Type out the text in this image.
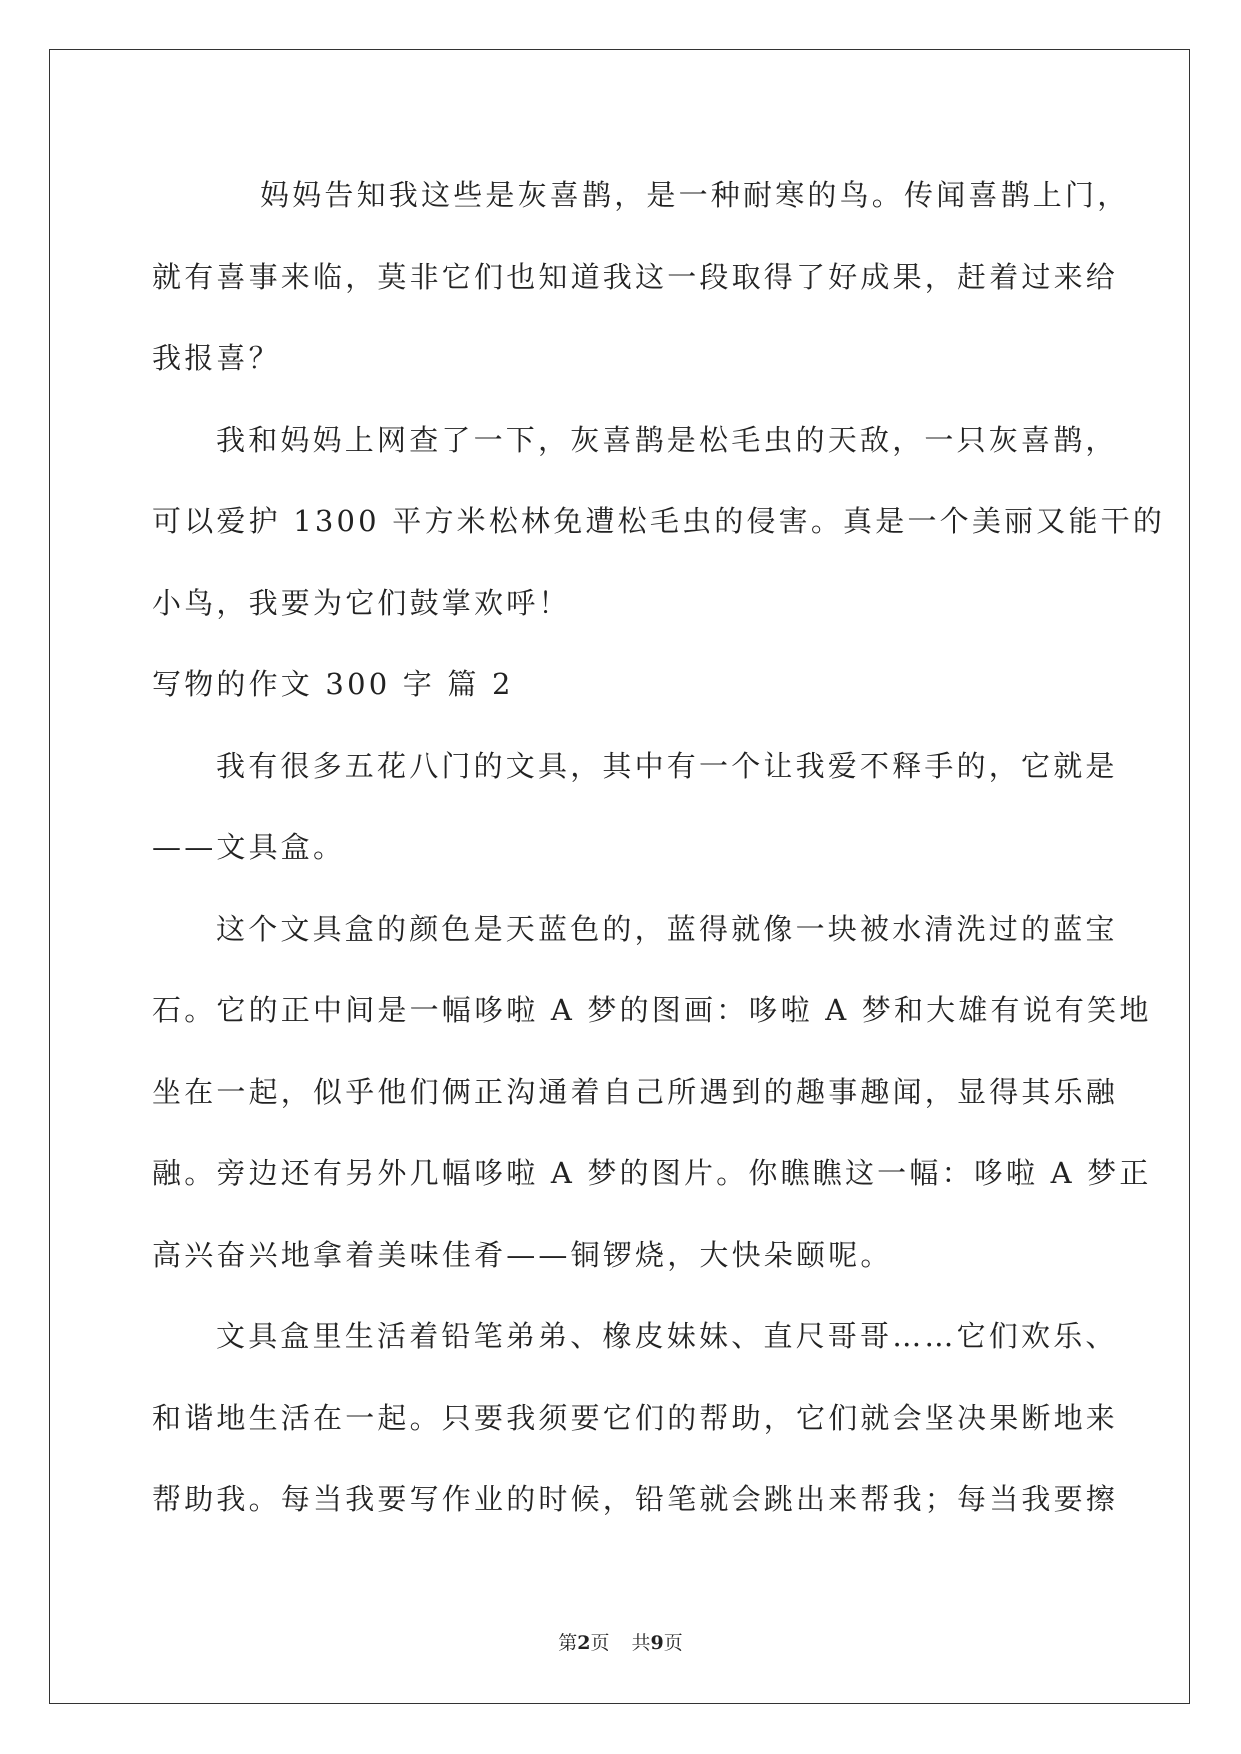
妈妈告知我这些是灰喜鹊，是一种耐寒的鸟。传闻喜鹊上门，

就有喜事来临，莫非它们也知道我这一段取得了好成果，赶着过来给

我报喜？

我和妈妈上网查了一下，灰喜鹊是松毛虫的天敌，一只灰喜鹊，

可以爱护 1300 平方米松林免遭松毛虫的侵害。真是一个美丽又能干的

小鸟，我要为它们鼓掌欢呼！

写物的作文 300 字 篇 2

我有很多五花八门的文具，其中有一个让我爱不释手的，它就是

——文具盒。

这个文具盒的颜色是天蓝色的，蓝得就像一块被水清洗过的蓝宝

石。它的正中间是一幅哆啦 A 梦的图画：哆啦 A 梦和大雄有说有笑地

坐在一起，似乎他们俩正沟通着自己所遇到的趣事趣闻，显得其乐融

融。旁边还有另外几幅哆啦 A 梦的图片。你瞧瞧这一幅：哆啦 A 梦正

高兴奋兴地拿着美味佳肴——铜锣烧，大快朵颐呢。

文具盒里生活着铅笔弟弟、橡皮妹妹、直尺哥哥……它们欢乐、

和谐地生活在一起。只要我须要它们的帮助，它们就会坚决果断地来

帮助我。每当我要写作业的时候，铅笔就会跳出来帮我；每当我要擦

第2页 共9页
